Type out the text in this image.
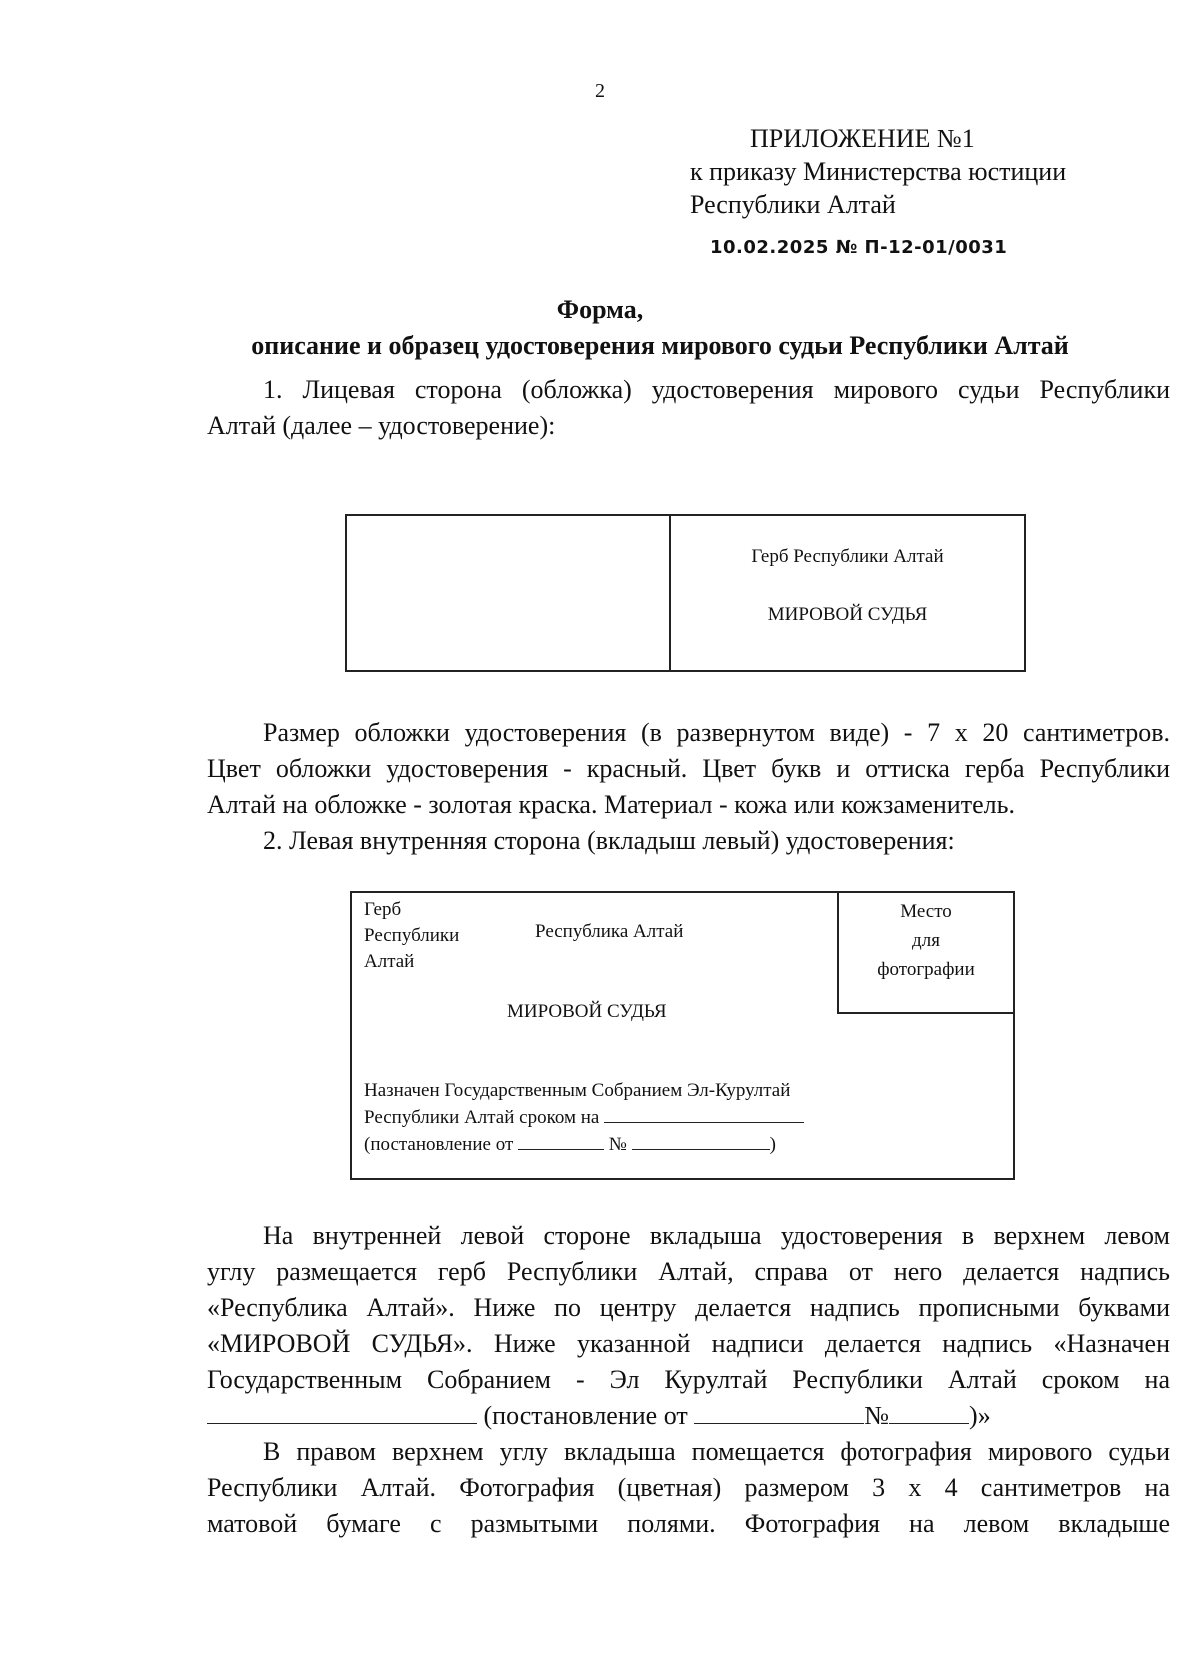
2
ПРИЛОЖЕНИЕ №1
к приказу Министерства юстиции
Республики Алтай
10.02.2025 № П-12-01/0031
Форма,
описание и образец удостоверения мирового судьи Республики Алтай
1. Лицевая сторона (обложка) удостоверения мирового судьи Республики
Алтай (далее – удостоверение):
Герб Республики Алтай
МИРОВОЙ СУДЬЯ
Размер обложки удостоверения (в развернутом виде) - 7 х 20 сантиметров.
Цвет обложки удостоверения - красный. Цвет букв и оттиска герба Республики
Алтай на обложке - золотая краска. Материал - кожа или кожзаменитель.
2. Левая внутренняя сторона (вкладыш левый) удостоверения:
Герб
Республики
Алтай
Республика Алтай
Место
для
фотографии
МИРОВОЙ СУДЬЯ
Назначен Государственным Собранием Эл-Курултай
Республики Алтай сроком на
(постановление от	№	)
На внутренней левой стороне вкладыша удостоверения в верхнем левом
углу размещается герб Республики Алтай, справа от него делается надпись
«Республика Алтай». Ниже по центру делается надпись прописными буквами
«МИРОВОЙ СУДЬЯ». Ниже указанной надписи делается надпись «Назначен
Государственным Собранием - Эл Курултай Республики Алтай сроком на
(постановление от	№	)»
В правом верхнем углу вкладыша помещается фотография мирового судьи
Республики Алтай. Фотография (цветная) размером 3 х 4 сантиметров на
матовой бумаге с размытыми полями. Фотография на левом вкладыше
